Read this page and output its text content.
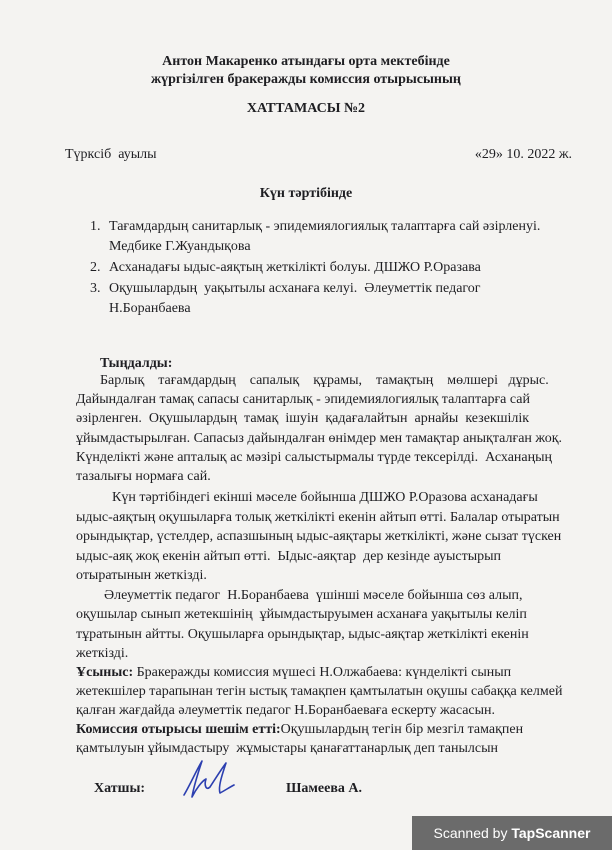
Антон Макаренко атындағы орта мектебінде
жүргізілген бракеражды комиссия отырысының
ХАТТАМАСЫ №2
Түрксіб  ауылы	«29» 10. 2022 ж.
Күн тәртібінде
1. Тағамдардың санитарлық - эпидемиялогиялық талаптарға сай әзірленуі.
Медбике Г.Жуандықова
2. Асханадағы ыдыс-аяқтың жеткілікті болуы. ДШЖО Р.Оразава
3. Оқушылардың  уақытылы асханаға келуі.  Әлеуметтік педагог
Н.Боранбаева
Тыңдалды:
Барлық    тағамдардың    сапалық    құрамы,    тамақтың    мөлшері   дұрыс.
Дайындалған тамақ сапасы санитарлық - эпидемиялогиялық талаптарға сай
әзірленген.  Оқушылардың  тамақ  ішуін  қадағалайтын  арнайы  кезекшілік
ұйымдастырылған. Сапасыз дайындалған өнімдер мен тамақтар анықталған жоқ.
Күнделікті және апталық ас мәзірі салыстырмалы түрде тексерілді.  Асханаңың
тазалығы нормаға сай.
Күн тәртібіндегі екінші мәселе бойынша ДШЖО Р.Оразова асханадағы
ыдыс-аяқтың оқушыларға толық жеткілікті екенін айтып өтті. Балалар отыратын
орындықтар, үстелдер, аспазшының ыдыс-аяқтары жеткілікті, және сызат түскен
ыдыс-аяқ жоқ екенін айтып өтті.  Ыдыс-аяқтар  дер кезінде ауыстырып
отыратынын жеткізді.
Әлеуметтік педагог  Н.Боранбаева  үшінші мәселе бойынша сөз алып,
оқушылар сынып жетекшінің  ұйымдастыруымен асханаға уақытылы келіп
тұратынын айтты. Оқушыларға орындықтар, ыдыс-аяқтар жеткілікті екенін
жеткізді.
Ұсыныс: Бракеражды комиссия мүшесі Н.Олжабаева: күнделікті сынып
жетекшілер тарапынан тегін ыстық тамақпен қамтылатын оқушы сабаққа келмей
қалған жағдайда әлеуметтік педагог Н.Боранбаеваға ескерту жасасын.
Комиссия отырысы шешім етті:Оқушылардың тегін бір мезгіл тамақпен
қамтылуын ұйымдастыру  жұмыстары қанағаттанарлық деп танылсын
Хатшы:	Шамеева А.
Scanned by TapScanner
